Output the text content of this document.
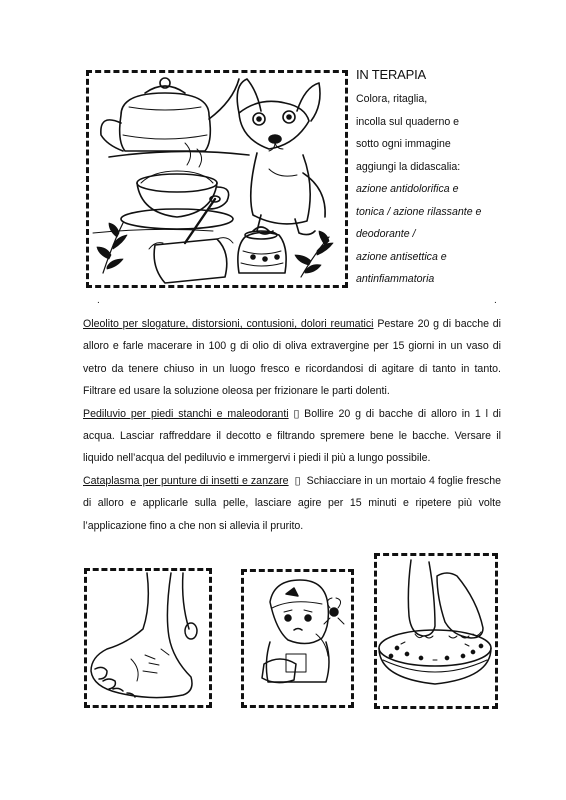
IN TERAPIA
Colora, ritaglia,
incolla sul quaderno e
sotto ogni immagine
aggiungi la didascalia:
azione antidolorifica e
tonica / azione rilassante e
deodorante /
azione antisettica e
antinfiammatoria
.	.

Oleolito per slogature, distorsioni, contusioni, dolori reumatici Pestare 20 g di bacche di alloro e farle macerare in 100 g di olio di oliva extravergine per 15 giorni in un vaso di vetro da tenere chiuso in un luogo fresco e ricordandosi di agitare di tanto in tanto. Filtrare ed usare la soluzione oleosa per frizionare le parti dolenti.

Pediluvio per piedi stanchi e maleodoranti ▯ Bollire 20 g di bacche di alloro in 1 l di acqua. Lasciar raffreddare il decotto e filtrando spremere bene le bacche. Versare il liquido nell’acqua del pediluvio e immergervi i piedi il più a lungo possibile.

Cataplasma per punture di insetti e zanzare  ▯  Schiacciare in un mortaio 4 foglie fresche di alloro e applicarle sulla pelle, lasciare agire per 15 minuti e ripetere più volte l’applicazione fino a che non si allevia il prurito.
